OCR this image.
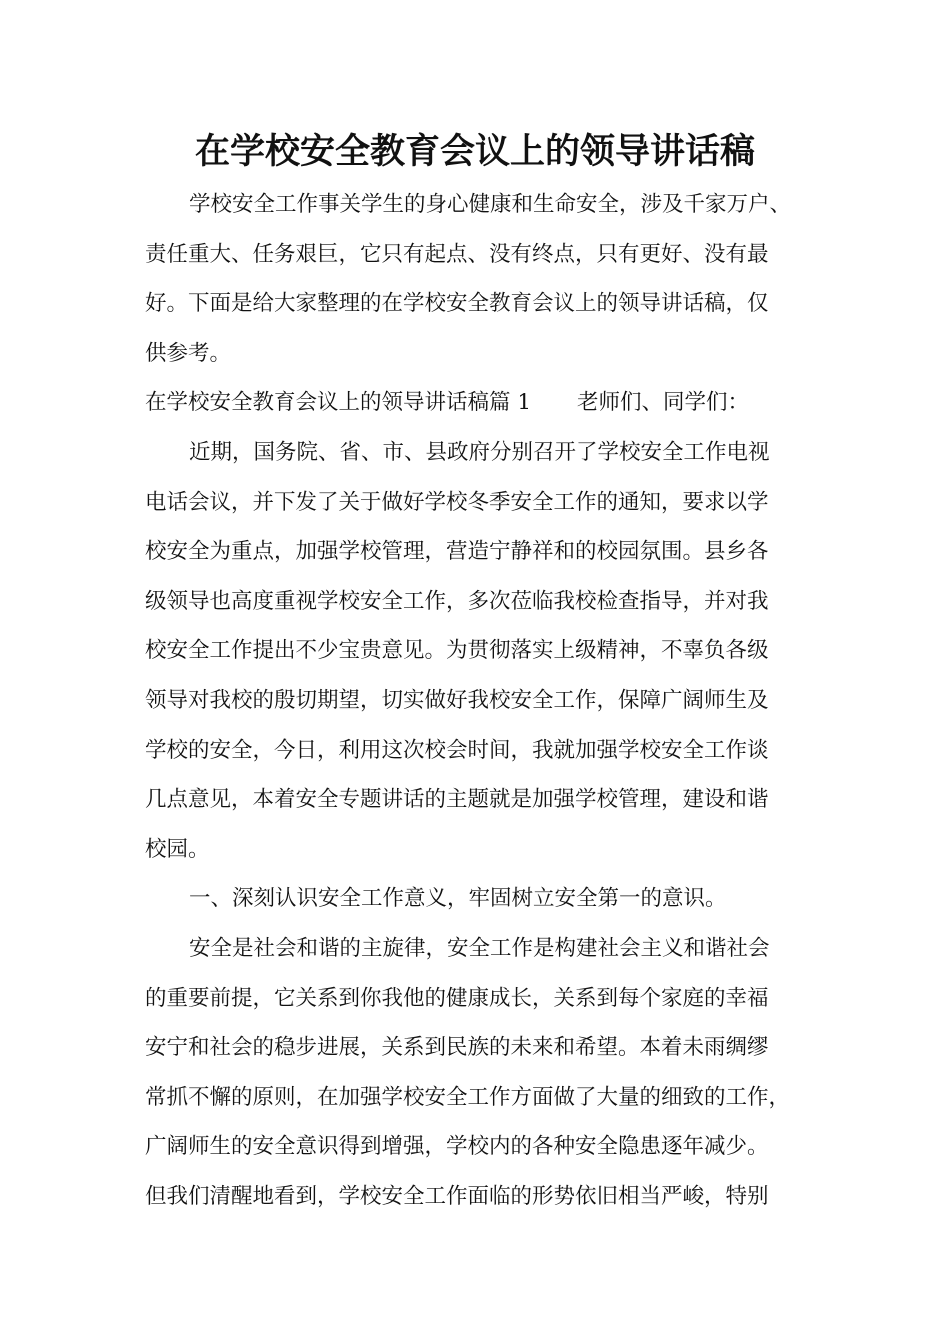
在学校安全教育会议上的领导讲话稿
学校安全工作事关学生的身心健康和生命安全，涉及千家万户、
责任重大、任务艰巨，它只有起点、没有终点，只有更好、没有最
好。下面是给大家整理的在学校安全教育会议上的领导讲话稿，仅
供参考。
在学校安全教育会议上的领导讲话稿篇 1 老师们、同学们：
近期，国务院、省、市、县政府分别召开了学校安全工作电视
电话会议，并下发了关于做好学校冬季安全工作的通知，要求以学
校安全为重点，加强学校管理，营造宁静祥和的校园氛围。县乡各
级领导也高度重视学校安全工作，多次莅临我校检查指导，并对我
校安全工作提出不少宝贵意见。为贯彻落实上级精神，不辜负各级
领导对我校的殷切期望，切实做好我校安全工作，保障广阔师生及
学校的安全，今日，利用这次校会时间，我就加强学校安全工作谈
几点意见，本着安全专题讲话的主题就是加强学校管理，建设和谐
校园。
一、深刻认识安全工作意义，牢固树立安全第一的意识。
安全是社会和谐的主旋律，安全工作是构建社会主义和谐社会
的重要前提，它关系到你我他的健康成长，关系到每个家庭的幸福
安宁和社会的稳步进展，关系到民族的未来和希望。本着未雨绸缪
常抓不懈的原则，在加强学校安全工作方面做了大量的细致的工作，
广阔师生的安全意识得到增强，学校内的各种安全隐患逐年减少。
但我们清醒地看到，学校安全工作面临的形势依旧相当严峻，特别
